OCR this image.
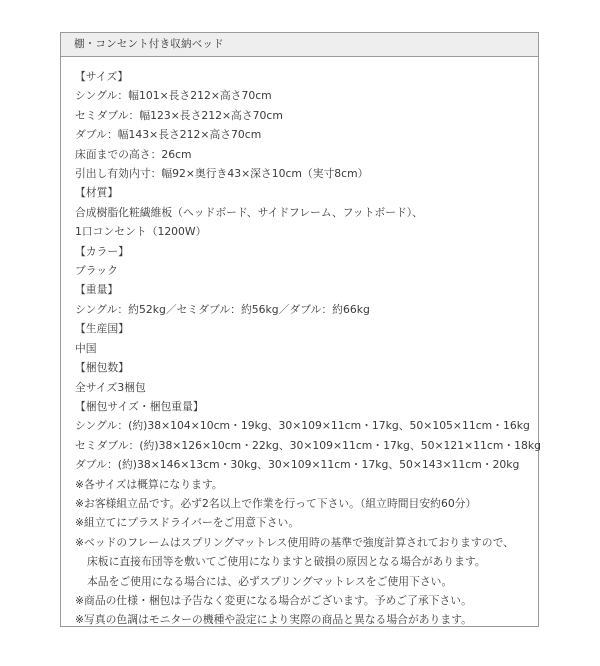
棚・コンセント付き収納ベッド
【サイズ】
シングル：幅101×長さ212×高さ70cm
セミダブル：幅123×長さ212×高さ70cm
ダブル：幅143×長さ212×高さ70cm
床面までの高さ：26cm
引出し有効内寸：幅92×奥行き43×深さ10cm（実寸8cm）
【材質】
合成樹脂化粧繊維板（ヘッドボード、サイドフレーム、フットボード）、
1口コンセント（1200W）
【カラー】
ブラック
【重量】
シングル：約52kg／セミダブル：約56kg／ダブル：約66kg
【生産国】
中国
【梱包数】
全サイズ3梱包
【梱包サイズ・梱包重量】
シングル：(約)38×104×10cm・19kg、30×109×11cm・17kg、50×105×11cm・16kg
セミダブル：(約)38×126×10cm・22kg、30×109×11cm・17kg、50×121×11cm・18kg
ダブル：(約)38×146×13cm・30kg、30×109×11cm・17kg、50×143×11cm・20kg
※各サイズは概算になります。
※お客様組立品です。必ず2名以上で作業を行って下さい。（組立時間目安約60分）
※組立てにプラスドライバーをご用意下さい。
※ベッドのフレームはスプリングマットレス使用時の基準で強度計算されておりますので、
床板に直接布団等を敷いてご使用になりますと破損の原因となる場合があります。
本品をご使用になる場合には、必ずスプリングマットレスをご使用下さい。
※商品の仕様・梱包は予告なく変更になる場合がございます。予めご了承下さい。
※写真の色調はモニターの機種や設定により実際の商品と異なる場合があります。
